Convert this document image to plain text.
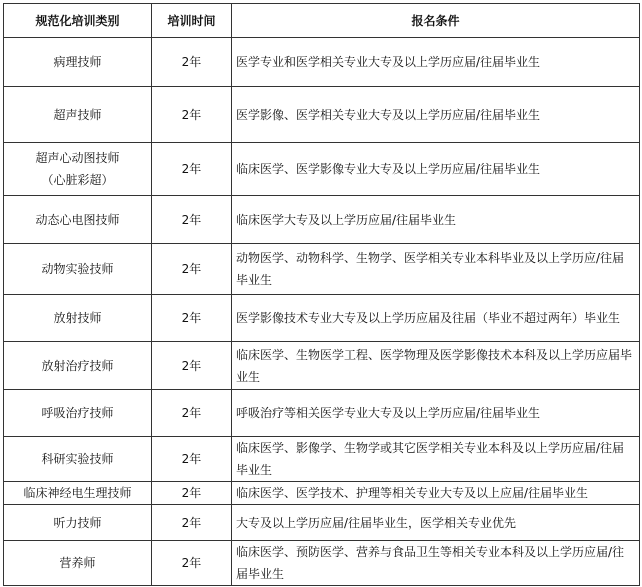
规范化培训类别	培训时间	报名条件
病理技师	2年	医学专业和医学相关专业大专及以上学历应届/往届毕业生
超声技师	2年	医学影像、医学相关专业大专及以上学历应届/往届毕业生

超声心动图技师
（心脏彩超）	2年	临床医学、医学影像专业大专及以上学历应届/往届毕业生
动态心电图技师	2年	临床医学大专及以上学历应届/往届毕业生
动物实验技师	2年	动物医学、动物科学、生物学、医学相关专业本科毕业及以上学历应/往届毕业生
放射技师	2年	医学影像技术专业大专及以上学历应届及往届（毕业不超过两年）毕业生
放射治疗技师	2年	临床医学、生物医学工程、医学物理及医学影像技术本科及以上学历应届毕业生
呼吸治疗技师	2年	呼吸治疗等相关医学专业大专及以上学历应届/往届毕业生
科研实验技师	2年	临床医学、影像学、生物学或其它医学相关专业本科及以上学历应届/往届毕业生
临床神经电生理技师	2年	临床医学、医学技术、护理等相关专业大专及以上应届/往届毕业生
听力技师	2年	大专及以上学历应届/往届毕业生，医学相关专业优先
营养师	2年	临床医学、预防医学、营养与食品卫生等相关专业本科及以上学历应届/往届毕业生
